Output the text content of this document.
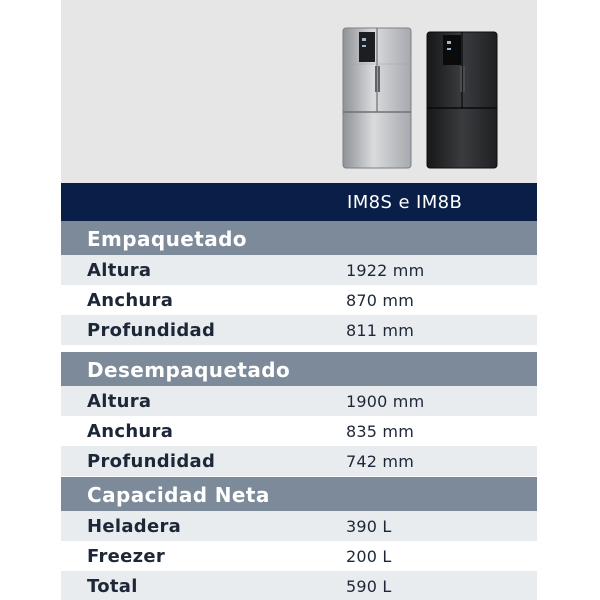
IM8S e IM8B
Empaquetado
Altura	1922 mm
Anchura	870 mm
Profundidad	811 mm
Desempaquetado
Altura	1900 mm
Anchura	835 mm
Profundidad	742 mm
Capacidad Neta
Heladera	390 L
Freezer	200 L
Total	590 L
